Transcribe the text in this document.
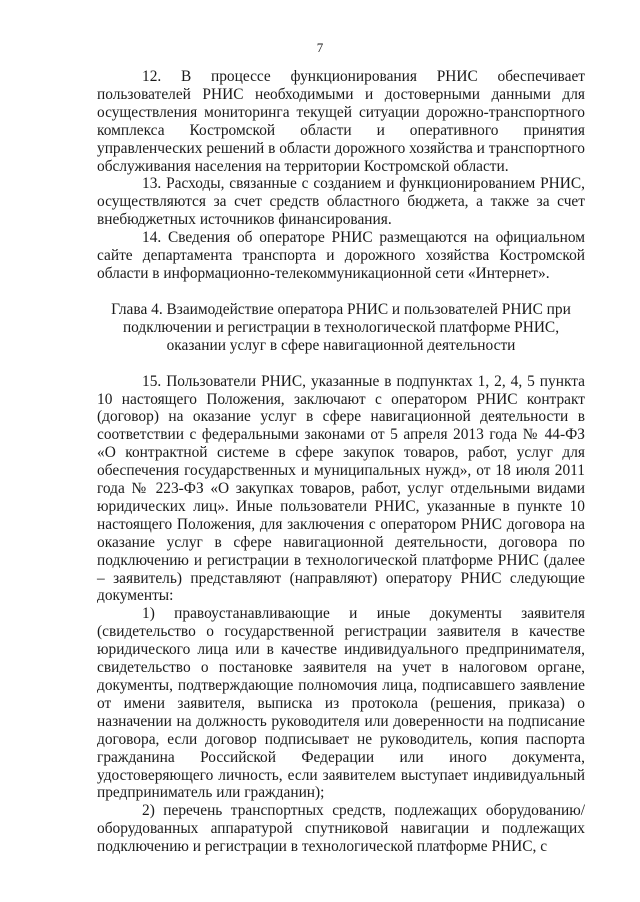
7

12. В процессе функционирования РНИС обеспечивает пользователей РНИС необходимыми и достоверными данными для осуществления мониторинга текущей ситуации дорожно-транспортного комплекса Костромской области и оперативного принятия управленческих решений в области дорожного хозяйства и транспортного обслуживания населения на территории Костромской области.

13. Расходы, связанные с созданием и функционированием РНИС, осуществляются за счет средств областного бюджета, а также за счет внебюджетных источников финансирования.

14. Сведения об операторе РНИС размещаются на официальном сайте департамента транспорта и дорожного хозяйства Костромской области в информационно-телекоммуникационной сети «Интернет».

Глава 4. Взаимодействие оператора РНИС и пользователей РНИС при подключении и регистрации в технологической платформе РНИС, оказании услуг в сфере навигационной деятельности

15. Пользователи РНИС, указанные в подпунктах 1, 2, 4, 5 пункта 10 настоящего Положения, заключают с оператором РНИС контракт (договор) на оказание услуг в сфере навигационной деятельности в соответствии с федеральными законами от 5 апреля 2013 года № 44-ФЗ «О контрактной системе в сфере закупок товаров, работ, услуг для обеспечения государственных и муниципальных нужд», от 18 июля 2011 года № 223-ФЗ «О закупках товаров, работ, услуг отдельными видами юридических лиц». Иные пользователи РНИС, указанные в пункте 10 настоящего Положения, для заключения с оператором РНИС договора на оказание услуг в сфере навигационной деятельности, договора по подключению и регистрации в технологической платформе РНИС (далее – заявитель) представляют (направляют) оператору РНИС следующие документы:

1) правоустанавливающие и иные документы заявителя (свидетельство о государственной регистрации заявителя в качестве юридического лица или в качестве индивидуального предпринимателя, свидетельство о постановке заявителя на учет в налоговом органе, документы, подтверждающие полномочия лица, подписавшего заявление от имени заявителя, выписка из протокола (решения, приказа) о назначении на должность руководителя или доверенности на подписание договора, если договор подписывает не руководитель, копия паспорта гражданина Российской Федерации или иного документа, удостоверяющего личность, если заявителем выступает индивидуальный предприниматель или гражданин);

2) перечень транспортных средств, подлежащих оборудованию/ оборудованных аппаратурой спутниковой навигации и подлежащих подключению и регистрации в технологической платформе РНИС, с
